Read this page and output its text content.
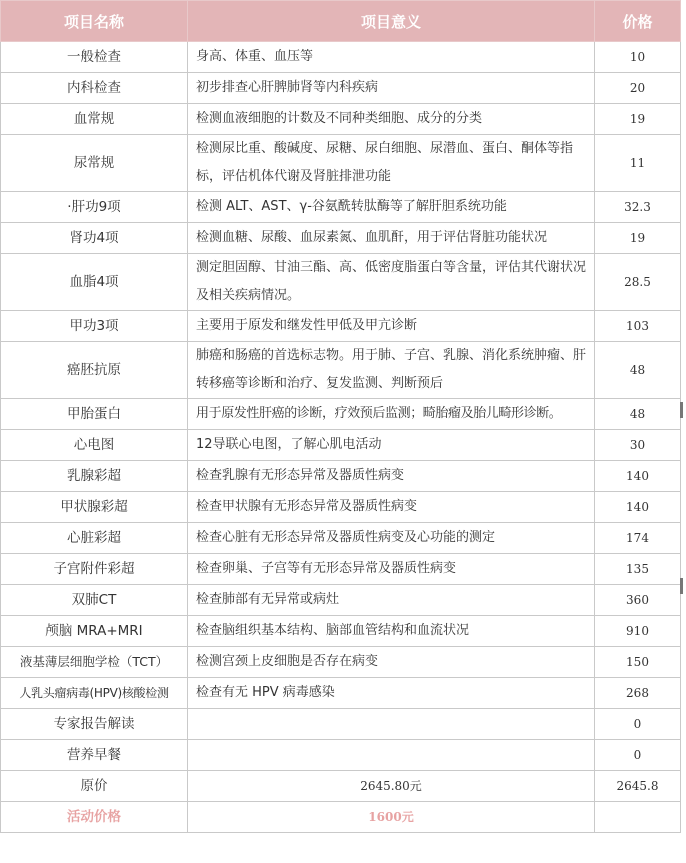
项目名称	项目意义	价格
一般检查	身高、体重、血压等	10
内科检查	初步排查心肝脾肺肾等内科疾病	20
血常规	检测血液细胞的计数及不同种类细胞、成分的分类	19
尿常规	检测尿比重、酸碱度、尿糖、尿白细胞、尿潜血、蛋白、酮体等指标，评估机体代谢及肾脏排泄功能	11
·肝功9项	检测 ALT、AST、γ-谷氨酰转肽酶等了解肝胆系统功能	32.3
肾功4项	检测血糖、尿酸、血尿素氮、血肌酐，用于评估肾脏功能状况	19
血脂4项	测定胆固醇、甘油三酯、高、低密度脂蛋白等含量，评估其代谢状况及相关疾病情况。	28.5
甲功3项	主要用于原发和继发性甲低及甲亢诊断	103
癌胚抗原	肺癌和肠癌的首选标志物。用于肺、子宫、乳腺、消化系统肿瘤、肝转移癌等诊断和治疗、复发监测、判断预后	48
甲胎蛋白	用于原发性肝癌的诊断，疗效预后监测；畸胎瘤及胎儿畸形诊断。	48
心电图	12导联心电图，了解心肌电活动	30
乳腺彩超	检查乳腺有无形态异常及器质性病变	140
甲状腺彩超	检查甲状腺有无形态异常及器质性病变	140
心脏彩超	检查心脏有无形态异常及器质性病变及心功能的测定	174
子宫附件彩超	检查卵巢、子宫等有无形态异常及器质性病变	135
双肺CT	检查肺部有无异常或病灶	360
颅脑 MRA+MRI	检查脑组织基本结构、脑部血管结构和血流状况	910
液基薄层细胞学检（TCT）	检测宫颈上皮细胞是否存在病变	150
人乳头瘤病毒(HPV)核酸检测	检查有无 HPV 病毒感染	268
专家报告解读		0
营养早餐		0
原价	2645.80元	2645.8
活动价格	1600元	
